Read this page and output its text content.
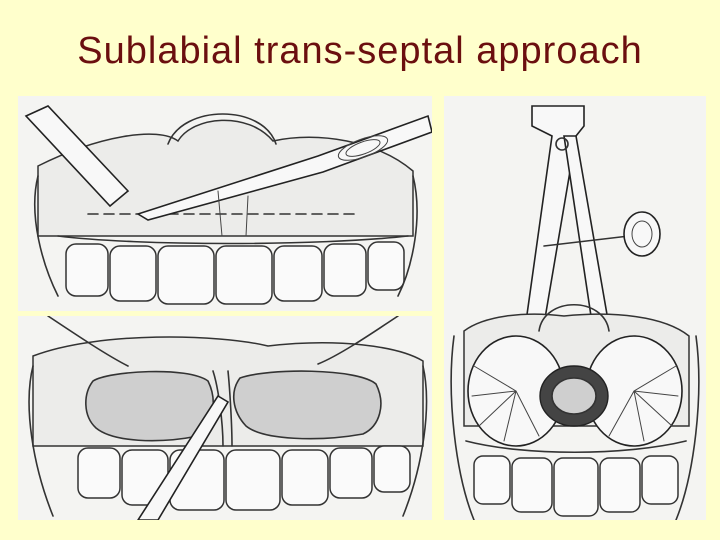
Sublabial trans-septal approach
